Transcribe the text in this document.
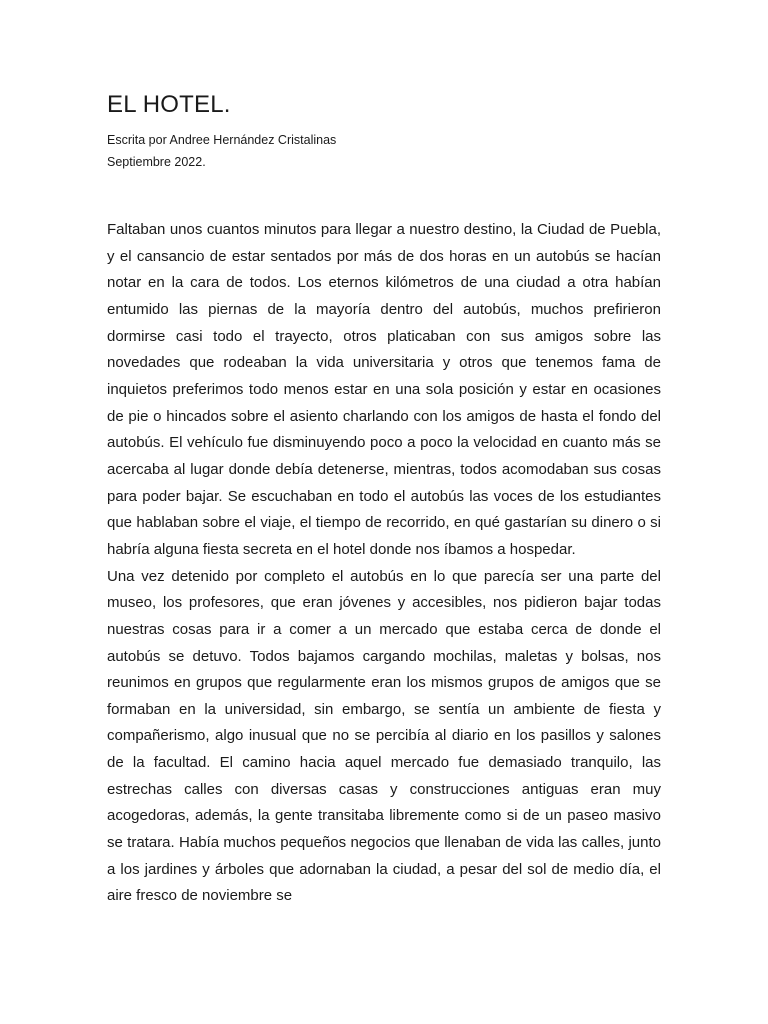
EL HOTEL.

Escrita por Andree Hernández Cristalinas

Septiembre 2022.

Faltaban unos cuantos minutos para llegar a nuestro destino, la Ciudad de Puebla, y el cansancio de estar sentados por más de dos horas en un autobús se hacían notar en la cara de todos. Los eternos kilómetros de una ciudad a otra habían entumido las piernas de la mayoría dentro del autobús, muchos prefirieron dormirse casi todo el trayecto, otros platicaban con sus amigos sobre las novedades que rodeaban la vida universitaria y otros que tenemos fama de inquietos preferimos todo menos estar en una sola posición y estar en ocasiones de pie o hincados sobre el asiento charlando con los amigos de hasta el fondo del autobús. El vehículo fue disminuyendo poco a poco la velocidad en cuanto más se acercaba al lugar donde debía detenerse, mientras, todos acomodaban sus cosas para poder bajar. Se escuchaban en todo el autobús las voces de los estudiantes que hablaban sobre el viaje, el tiempo de recorrido, en qué gastarían su dinero o si habría alguna fiesta secreta en el hotel donde nos íbamos a hospedar.

Una vez detenido por completo el autobús en lo que parecía ser una parte del museo, los profesores, que eran jóvenes y accesibles, nos pidieron bajar todas nuestras cosas para ir a comer a un mercado que estaba cerca de donde el autobús se detuvo. Todos bajamos cargando mochilas, maletas y bolsas, nos reunimos en grupos que regularmente eran los mismos grupos de amigos que se formaban en la universidad, sin embargo, se sentía un ambiente de fiesta y compañerismo, algo inusual que no se percibía al diario en los pasillos y salones de la facultad. El camino hacia aquel mercado fue demasiado tranquilo, las estrechas calles con diversas casas y construcciones antiguas eran muy acogedoras, además, la gente transitaba libremente como si de un paseo masivo se tratara. Había muchos pequeños negocios que llenaban de vida las calles, junto a los jardines y árboles que adornaban la ciudad, a pesar del sol de medio día, el aire fresco de noviembre se
